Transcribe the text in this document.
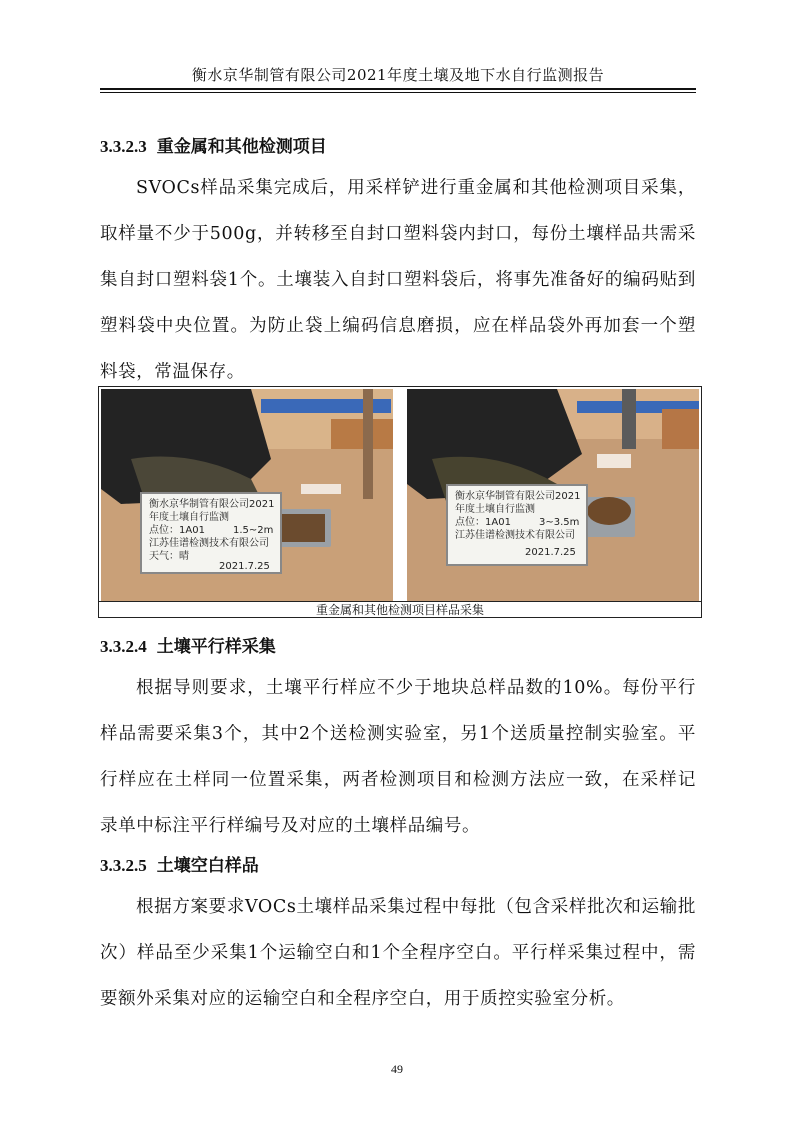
衡水京华制管有限公司2021年度土壤及地下水自行监测报告
3.3.2.3 重金属和其他检测项目
SVOCs样品采集完成后，用采样铲进行重金属和其他检测项目采集，取样量不少于500g，并转移至自封口塑料袋内封口，每份土壤样品共需采集自封口塑料袋1个。土壤装入自封口塑料袋后，将事先准备好的编码贴到塑料袋中央位置。为防止袋上编码信息磨损，应在样品袋外再加套一个塑料袋，常温保存。
衡水京华制管有限公司2021
年度土壤自行监测
点位：1A01	1.5~2m
江苏佳谱检测技术有限公司
天气：晴
2021.7.25
衡水京华制管有限公司2021
年度土壤自行监测
点位：1A01	3~3.5m
江苏佳谱检测技术有限公司
2021.7.25
重金属和其他检测项目样品采集
3.3.2.4 土壤平行样采集
根据导则要求，土壤平行样应不少于地块总样品数的10%。每份平行样品需要采集3个，其中2个送检测实验室，另1个送质量控制实验室。平行样应在土样同一位置采集，两者检测项目和检测方法应一致，在采样记录单中标注平行样编号及对应的土壤样品编号。
3.3.2.5 土壤空白样品
根据方案要求VOCs土壤样品采集过程中每批（包含采样批次和运输批次）样品至少采集1个运输空白和1个全程序空白。平行样采集过程中，需要额外采集对应的运输空白和全程序空白，用于质控实验室分析。
49
